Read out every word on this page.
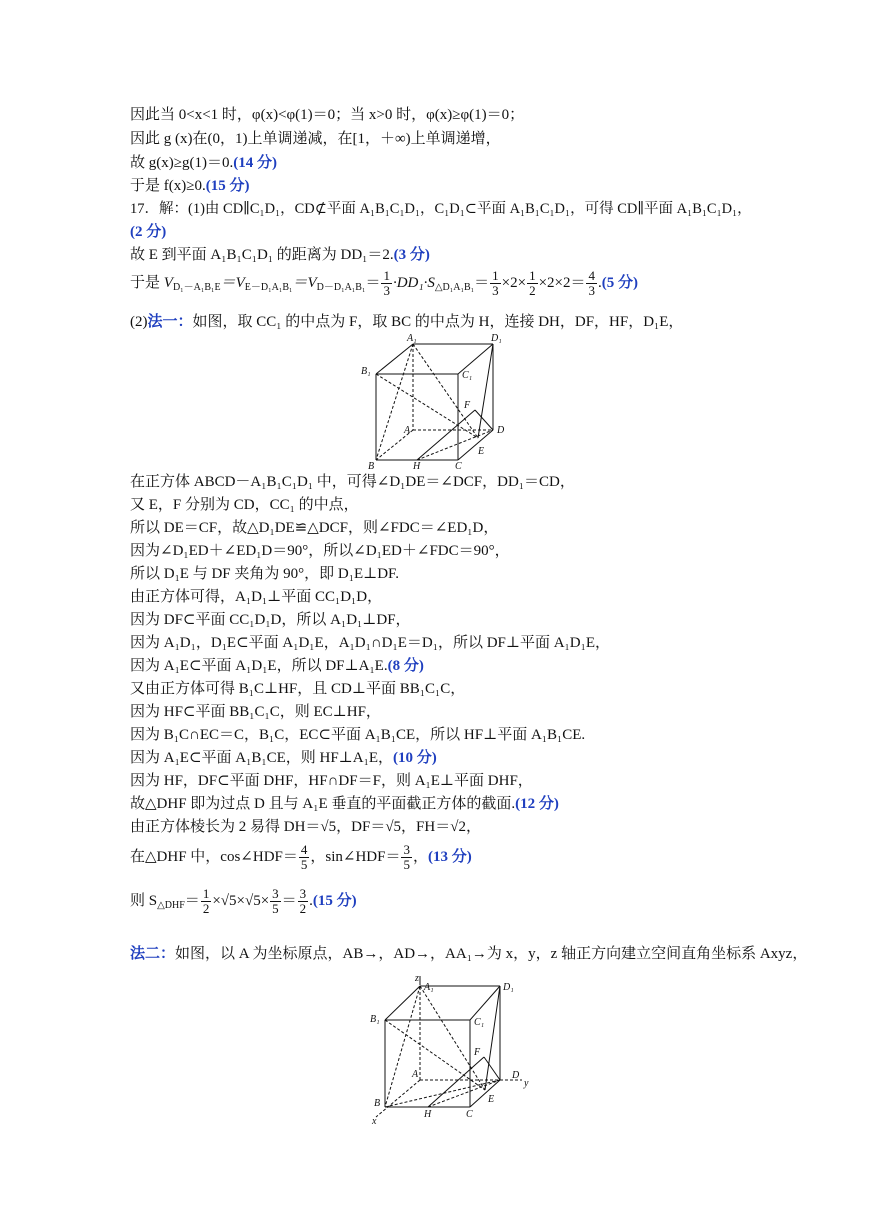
因此当 0<x<1 时，φ(x)<φ(1)＝0；当 x>0 时，φ(x)≥φ(1)＝0；
因此 g (x)在(0，1)上单调递减，在[1，＋∞)上单调递增，
故 g(x)≥g(1)＝0.(14 分)
于是 f(x)≥0.(15 分)
17．解：(1)由 CD∥C₁D₁，CD⊄平面 A₁B₁C₁D₁，C₁D₁⊂平面 A₁B₁C₁D₁，可得 CD∥平面 A₁B₁C₁D₁，
(2 分)
故 E 到平面 A₁B₁C₁D₁ 的距离为 DD₁＝2.(3 分)
于是 $V_{D_1-A_1B_1E}=V_{E-D_1A_1B_1}=V_{D-D_1A_1B_1}= \frac{1}{3} \cdot DD_1\cdot S_{\triangle D_1A_1B_1}= \frac{1}{3} \times 2\times \frac{1}{2} \times 2\times 2= \frac{4}{3} .(5$ 分)
(2)法一：如图，取 CC₁ 的中点为 F，取 BC 的中点为 H，连接 DH，DF，HF，D₁E，
A₁	D₁
B₁	C₁
F
A	D
B	H	C
E
在正方体 ABCD－A₁B₁C₁D₁ 中，可得∠D₁DE＝∠DCF，DD₁＝CD，
又 E，F 分别为 CD，CC₁ 的中点，
所以 DE＝CF，故△D₁DE≌△DCF，则∠FDC＝∠ED₁D，
因为∠D₁ED＋∠ED₁D＝90°，所以∠D₁ED＋∠FDC＝90°，
所以 D₁E 与 DF 夹角为 90°，即 D₁E⊥DF.
由正方体可得，A₁D₁⊥平面 CC₁D₁D，
因为 DF⊂平面 CC₁D₁D，所以 A₁D₁⊥DF，
因为 A₁D₁，D₁E⊂平面 A₁D₁E，A₁D₁∩D₁E＝D₁，所以 DF⊥平面 A₁D₁E，
因为 A₁E⊂平面 A₁D₁E，所以 DF⊥A₁E.(8 分)
又由正方体可得 B₁C⊥HF，且 CD⊥平面 BB₁C₁C，
因为 HF⊂平面 BB₁C₁C，则 EC⊥HF，
因为 B₁C∩EC＝C，B₁C，EC⊂平面 A₁B₁CE，所以 HF⊥平面 A₁B₁CE.
因为 A₁E⊂平面 A₁B₁CE，则 HF⊥A₁E，(10 分)
因为 HF，DF⊂平面 DHF，HF∩DF＝F，则 A₁E⊥平面 DHF，
故△DHF 即为过点 D 且与 A₁E 垂直的平面截正方体的截面.(12 分)
由正方体棱长为 2 易得 DH＝√5，DF＝√5，FH＝√2，
在△DHF 中，cos∠HDF＝ $\frac{4}{5}$ ，sin∠HDF＝ $\frac{3}{5}$ ，(13 分)
则 $S_{\triangle DHF}= \frac{1}{2} \times√5\times√5\times \frac{3}{5} = \frac{3}{2} .(15$ 分)
法二：如图，以 A 为坐标原点，AB→，AD→，AA₁→为 x，y，z 轴正方向建立空间直角坐标系 Axyz，
z
A₁	D₁
B₁	C₁
F
A	D
y
B
x
H	C
E
